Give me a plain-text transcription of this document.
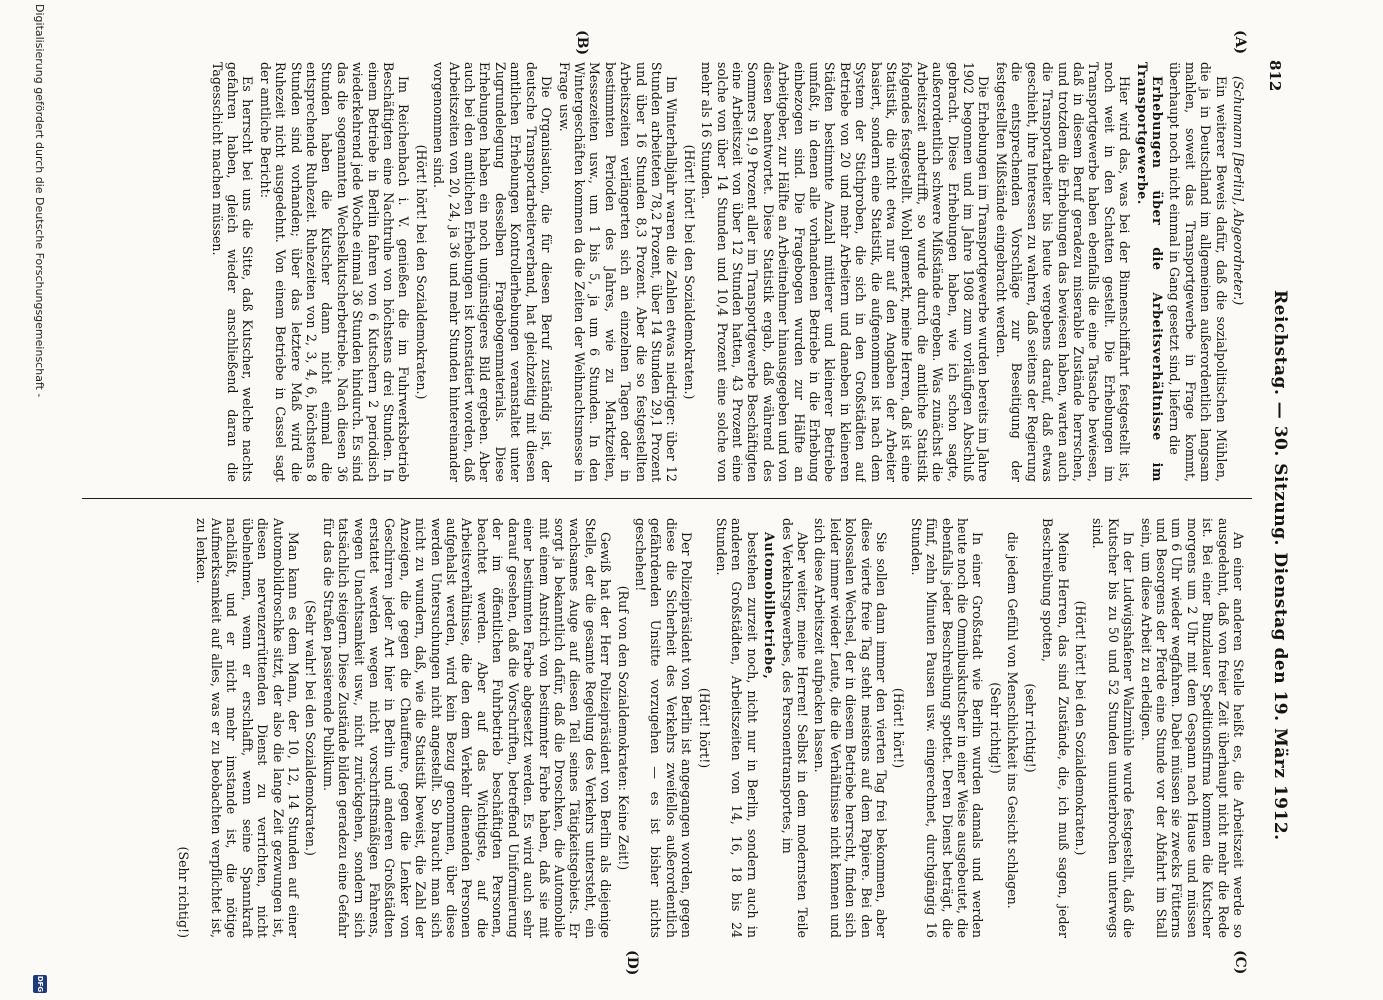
812
Reichstag. — 30. Sitzung. Dienstag den 19. März 1912.
(A)
(B)
(C)
(D)

(Schumann [Berlin], Abgeordneter.)

Ein weiterer Beweis dafür, daß die sozialpolitischen Mühlen, die ja in Deutschland im allgemeinen außerordentlich langsam mahlen, soweit das Transportgewerbe in Frage kommt, überhaupt noch nicht einmal in Gang gesetzt sind, liefern die

Erhebungen über die Arbeitsverhältnisse im Transportgewerbe.

Hier wird das, was bei der Binnenschiffahrt festgestellt ist, noch weit in den Schatten gestellt. Die Erhebungen im Transportgewerbe haben ebenfalls die eine Tatsache bewiesen, daß in diesem Beruf geradezu miserable Zustände herrschen, und trotzdem die Erhebungen das bewiesen haben, warten auch die Transportarbeiter bis heute vergebens darauf, daß etwas geschieht, ihre Interessen zu wahren, daß seitens der Regierung die entsprechenden Vorschläge zur Beseitigung der festgestellten Mißstände eingebracht werden.

Die Erhebungen im Transportgewerbe wurden bereits im Jahre 1902 begonnen und im Jahre 1908 zum vorläufigen Abschluß gebracht. Diese Erhebungen haben, wie ich schon sagte, außerordentlich schwere Mißstände ergeben. Was zunächst die Arbeitszeit anbetrifft, so wurde durch die amtliche Statistik folgendes festgestellt. Wohl gemerkt, meine Herren, daß ist eine Statistik, die nicht etwa nur auf den Angaben der Arbeiter basiert, sondern eine Statistik, die aufgenommen ist nach dem System der Stichproben, die sich in den Großstädten auf Betriebe von 20 und mehr Arbeitern und daneben in kleineren Städten bestimmte Anzahl mittlerer und kleinerer Betriebe umfaßt, in denen alle vorhandenen Betriebe in die Erhebung einbezogen sind. Die Fragebogen wurden zur Hälfte an Arbeitgeber, zur Hälfte an Arbeitnehmer hinausgegeben und von diesen beantwortet. Diese Statistik ergab, daß während des Sommers 91,9 Prozent aller im Transportgewerbe Beschäftigten eine Arbeitszeit von über 12 Stunden hatten, 43 Prozent eine solche von über 14 Stunden und 10,4 Prozent eine solche von mehr als 16 Stunden.

(Hört! hört! bei den Sozialdemokraten.)

Im Winterhalbjahr waren die Zahlen etwas niedriger: über 12 Stunden arbeiteten 78,2 Prozent, über 14 Stunden 29,1 Prozent und über 16 Stunden 8,3 Prozent. Aber die so festgestellten Arbeitszeiten verlängerten sich an einzelnen Tagen oder in bestimmten Perioden des Jahres, wie zu Marktzeiten, Messezeiten usw., um 1 bis 5, ja um 6 Stunden. In den Wintergeschäften kommen da die Zeiten der Weihnachtsmesse in Frage usw.

Die Organisation, die für diesen Beruf zuständig ist, der deutsche Transportarbeiterverband, hat gleichzeitig mit diesen amtlichen Erhebungen Kontrollerhebungen veranstaltet unter Zugrundelegung desselben Fragebogenmaterials. Diese Erhebungen haben ein noch ungünstigeres Bild ergeben. Aber auch bei den amtlichen Erhebungen ist konstatiert worden, daß Arbeitszeiten von 20, 24, ja 36 und mehr Stunden hintereinander vorgenommen sind.

(Hört! hört! bei den Sozialdemokraten.)

Im Reichenbach i. V. genießen die im Fuhrwerksbetrieb Beschäftigten eine Nachtruhe von höchstens drei Stunden. In einem Betriebe in Berlin fahren von 6 Kutschern 2 periodisch wiederkehrend jede Woche einmal 36 Stunden hindurch. Es sind das die sogenannten Wechselkutscherbetriebe. Nach diesen 36 Stunden haben die Kutscher dann nicht einmal die entsprechende Ruhezeit. Ruhezeiten von 2, 3, 4, 6, höchstens 8 Stunden sind vorhanden; über das letztere Maß wird die Ruhezeit nicht ausgedehnt. Von einem Betriebe in Cassel sagt der amtliche Bericht:

Es herrscht bei uns die Sitte, daß Kutscher, welche nachts gefahren haben, gleich wieder anschließend daran die Tagesschicht machen müssen.

An einer anderen Stelle heißt es, die Arbeitszeit werde so ausgedehnt, daß von freier Zeit überhaupt nicht mehr die Rede ist. Bei einer Bunzlauer Speditionsfirma kommen die Kutscher morgens um 2 Uhr mit dem Gespann nach Hause und müssen um 6 Uhr wieder wegfahren. Dabei müssen sie zwecks Fütterns und Besorgens der Pferde eine Stunde vor der Abfahrt im Stall sein, um diese Arbeit zu erledigen.

In der Ludwigshafener Walzmühle wurde festgestellt, daß die Kutscher bis zu 50 und 52 Stunden ununterbrochen unterwegs sind.

(Hört! hört! bei den Sozialdemokraten.)

Meine Herren, das sind Zustände, die, ich muß sagen, jeder Beschreibung spotten,

(sehr richtig!)

die jedem Gefühl von Menschlichkeit ins Gesicht schlagen.

(Sehr richtig!)

In einer Großstadt wie Berlin wurden damals und werden heute noch die Omnibuskutscher in einer Weise ausgebeutet, die ebenfalls jeder Beschreibung spottet. Deren Dienst beträgt, die fünf, zehn Minuten Pausen usw. eingerechnet, durchgängig 16 Stunden.

(Hört! hört!)

Sie sollen dann immer den vierten Tag frei bekommen, aber diese vierte freie Tag steht meistens auf dem Papiere. Bei den kolossalen Wechsel, der in diesem Betriebe herrscht, finden sich leider immer wieder Leute, die die Verhältnisse nicht kennen und sich diese Arbeitszeit aufpacken lassen.

Aber weiter, meine Herren! Selbst in dem modernsten Teile des Verkehrsgewerbes, des Personentransportes, im

Automobilbetriebe,

bestehen zurzeit noch, nicht nur in Berlin, sondern auch in anderen Großstädten, Arbeitszeiten von 14, 16, 18 bis 24 Stunden.

(Hört! hört!)

Der Polizeipräsident von Berlin ist angegangen worden, gegen diese die Sicherheit des Verkehrs zweifellos außerordentlich gefährdenden Unsitte vorzugehen — es ist bisher nichts geschehen!

(Ruf von den Sozialdemokraten: Keine Zeit!)

Gewiß hat der Herr Polizeipräsident von Berlin als diejenige Stelle, der die gesamte Regelung des Verkehrs untersteht, ein wachsames Auge auf diesen Teil seines Tätigkeitsgebiets. Er sorgt ja bekanntlich dafür, daß die Droschken, die Automobile mit einem Anstrich von bestimmter Farbe haben, daß sie mit einer bestimmten Farbe abgesetzt werden. Es wird auch sehr darauf gesehen, daß die Vorschriften, betreffend Uniformierung der im öffentlichen Fuhrbetrieb beschäftigten Personen, beachtet werden. Aber auf das Wichtigste, auf die Arbeitsverhältnisse, die den dem Verkehr dienenden Personen aufgehalst werden, wird kein Bezug genommen, über diese werden Untersuchungen nicht angestellt. So braucht man sich nicht zu wundern, daß, wie die Statistik beweist, die Zahl der Anzeigen, die gegen die Chauffeure, gegen die Lenker von Geschirren jeder Art hier in Berlin und anderen Großstädten erstattet werden wegen nicht vorschriftsmäßigen Fahrens, wegen Unachtsamkeit usw., nicht zurückgehen, sondern sich tatsächlich steigern. Diese Zustände bilden geradezu eine Gefahr für das die Straßen passierende Publikum.

(Sehr wahr! bei den Sozialdemokraten.)

Man kann es dem Mann, der 10, 12, 14 Stunden auf einer Automobildroschke sitzt, der also die lange Zeit gezwungen ist, diesen nervenzerrüttenden Dienst zu verrichten, nicht übelnehmen, wenn er erschlafft, wenn seine Spannkraft nachläßt, und er nicht mehr imstande ist, die nötige Aufmerksamkeit auf alles, was er zu beobachten verpflichtet ist, zu lenken.

(Sehr richtig!)

Digitalisierung gefördert durch die Deutsche Forschungsgemeinschaft -
DFG
